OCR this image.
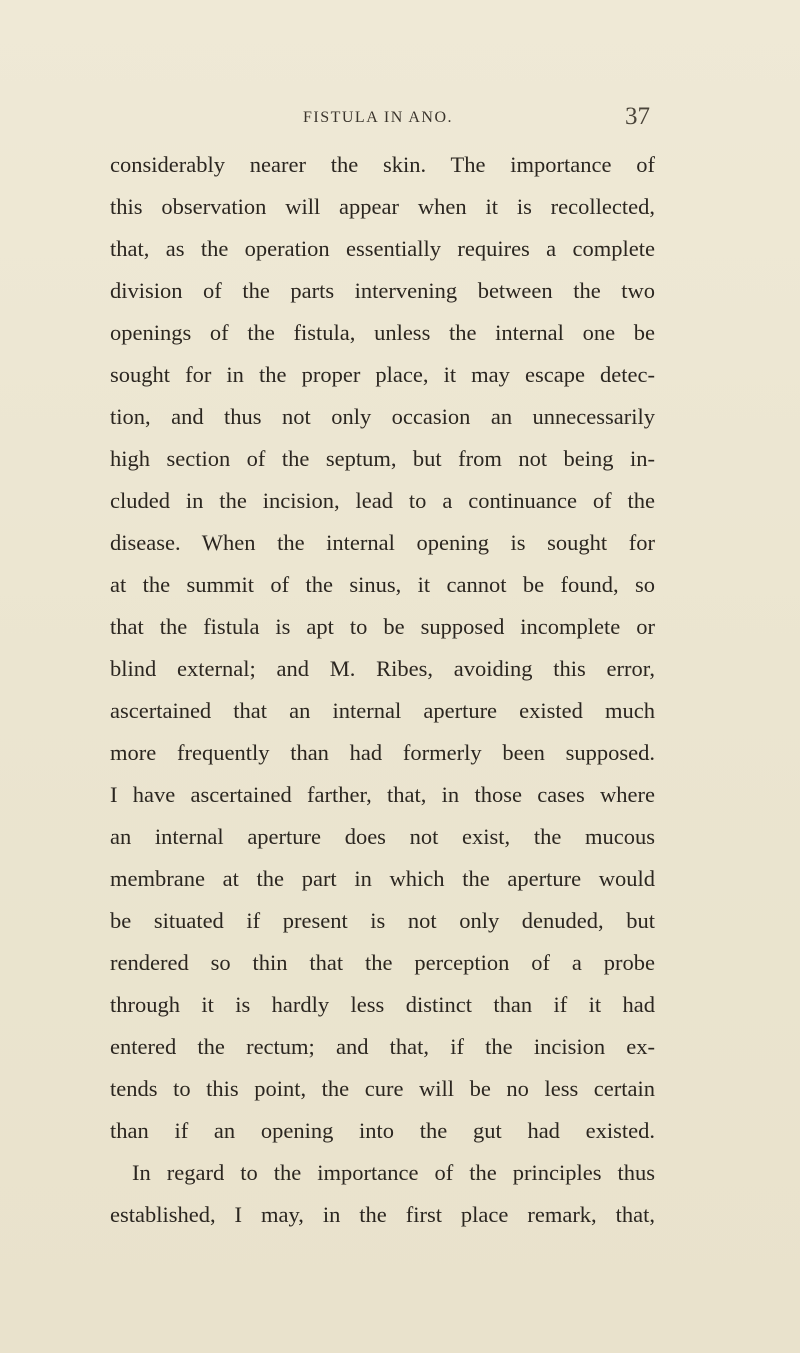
FISTULA IN ANO.	37
considerably nearer the skin. The importance of
this observation will appear when it is recollected,
that, as the operation essentially requires a complete
division of the parts intervening between the two
openings of the fistula, unless the internal one be
sought for in the proper place, it may escape detec-
tion, and thus not only occasion an unnecessarily
high section of the septum, but from not being in-
cluded in the incision, lead to a continuance of the
disease. When the internal opening is sought for
at the summit of the sinus, it cannot be found, so
that the fistula is apt to be supposed incomplete or
blind external; and M. Ribes, avoiding this error,
ascertained that an internal aperture existed much
more frequently than had formerly been supposed.
I have ascertained farther, that, in those cases where
an internal aperture does not exist, the mucous
membrane at the part in which the aperture would
be situated if present is not only denuded, but
rendered so thin that the perception of a probe
through it is hardly less distinct than if it had
entered the rectum; and that, if the incision ex-
tends to this point, the cure will be no less certain
than if an opening into the gut had existed.
In regard to the importance of the principles thus
established, I may, in the first place remark, that,
